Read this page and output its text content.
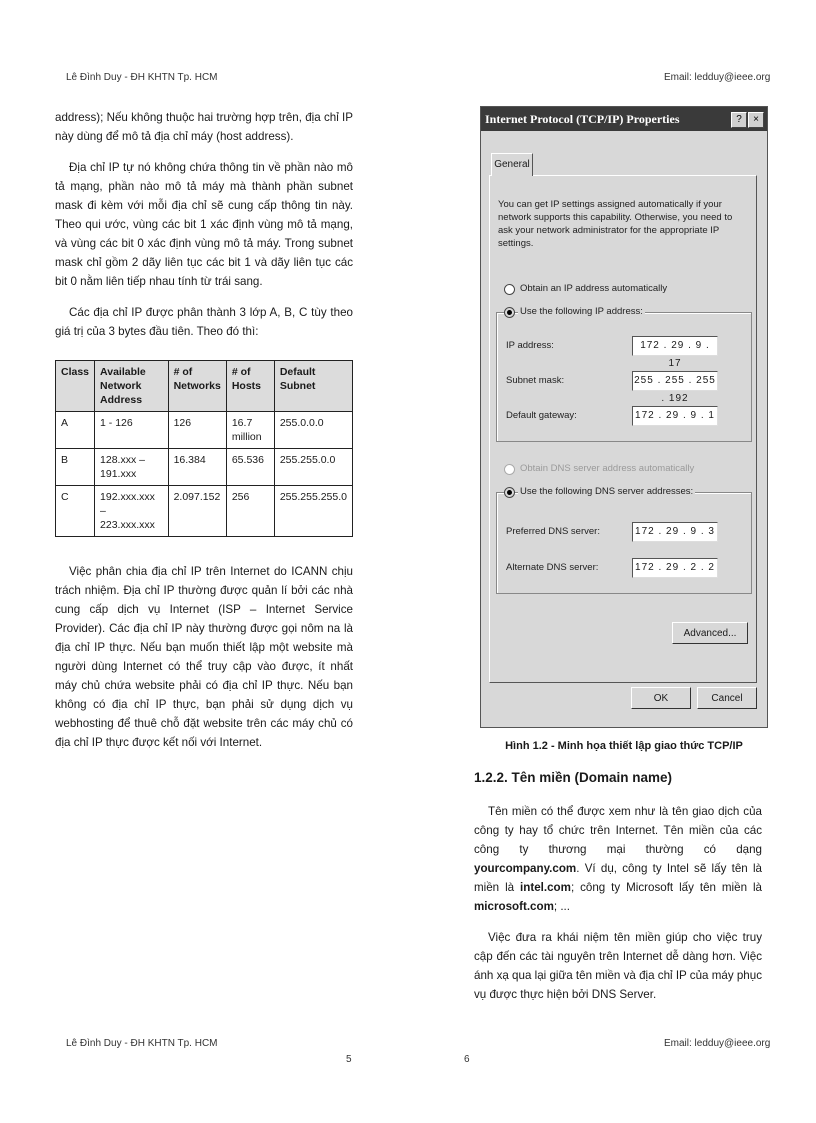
Lê Đình Duy - ĐH KHTN Tp. HCM	Email: ledduy@ieee.org

address); Nếu không thuộc hai trường hợp trên, địa chỉ IP này dùng để mô tả địa chỉ máy (host address).

Địa chỉ IP tự nó không chứa thông tin về phần nào mô tả mạng, phần nào mô tả máy mà thành phần subnet mask đi kèm với mỗi địa chỉ sẽ cung cấp thông tin này. Theo qui ước, vùng các bit 1 xác định vùng mô tả mạng, và vùng các bit 0 xác định vùng mô tả máy. Trong subnet mask chỉ gồm 2 dãy liên tục các bit 1 và dãy liên tục các bit 0 nằm liên tiếp nhau tính từ trái sang.

Các địa chỉ IP được phân thành 3 lớp A, B, C tùy theo giá trị của 3 bytes đầu tiên. Theo đó thì:

Class	Available Network Address	# of Networks	# of Hosts	Default Subnet
A	1 - 126	126	16.7 million	255.0.0.0
B	128.xxx – 191.xxx	16.384	65.536	255.255.0.0
C	192.xxx.xxx – 223.xxx.xxx	2.097.152	256	255.255.255.0

Việc phân chia địa chỉ IP trên Internet do ICANN chịu trách nhiệm. Địa chỉ IP thường được quản lí bởi các nhà cung cấp dịch vụ Internet (ISP – Internet Service Provider). Các địa chỉ IP này thường được gọi nôm na là địa chỉ IP thực. Nếu bạn muốn thiết lập một website mà người dùng Internet có thể truy cập vào được, ít nhất máy chủ chứa website phải có địa chỉ IP thực. Nếu bạn không có địa chỉ IP thực, bạn phải sử dụng dịch vụ webhosting để thuê chỗ đặt website trên các máy chủ có địa chỉ IP thực được kết nối với Internet.

Internet Protocol (TCP/IP) Properties	?	×
General
You can get IP settings assigned automatically if your network supports this capability. Otherwise, you need to ask your network administrator for the appropriate IP settings.
Obtain an IP address automatically
Use the following IP address:
IP address:	172 . 29 . 9 . 17
Subnet mask:	255 . 255 . 255 . 192
Default gateway:	172 . 29 . 9 . 1
Obtain DNS server address automatically
Use the following DNS server addresses:
Preferred DNS server:	172 . 29 . 9 . 3
Alternate DNS server:	172 . 29 . 2 . 2
Advanced...
OK	Cancel
Hình 1.2 - Minh họa thiết lập giao thức TCP/IP
1.2.2. Tên miền (Domain name)

Tên miền có thể được xem như là tên giao dịch của công ty hay tổ chức trên Internet. Tên miền của các công ty thương mại thường có dạng yourcompany.com. Ví dụ, công ty Intel sẽ lấy tên là miền là intel.com; công ty Microsoft lấy tên miền là microsoft.com; ...

Việc đưa ra khái niệm tên miền giúp cho việc truy cập đến các tài nguyên trên Internet dễ dàng hơn. Việc ánh xạ qua lại giữa tên miền và địa chỉ IP của máy phục vụ được thực hiện bởi DNS Server.

Lê Đình Duy - ĐH KHTN Tp. HCM	Email: ledduy@ieee.org
5	6
